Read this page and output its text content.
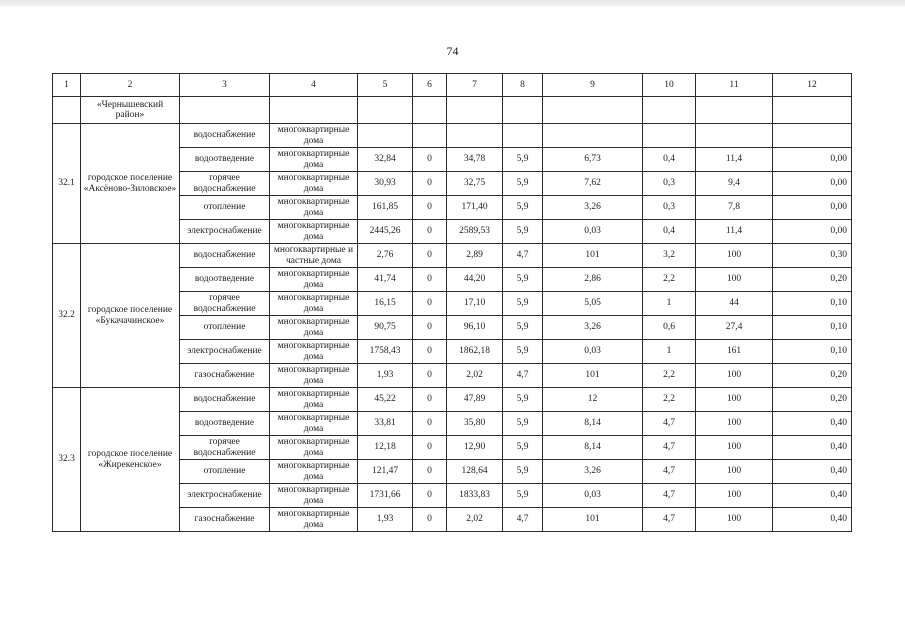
74
1	2	3	4	5	6	7	8	9	10	11	12
	«Чернышевский район»										
32.1	городское поселение «Аксёново-Зиловское»	водоснабжение	многоквартирные дома								
		водоотведение	многоквартирные дома	32,84	0	34,78	5,9	6,73	0,4	11,4	0,00
		горячее водоснабжение	многоквартирные дома	30,93	0	32,75	5,9	7,62	0,3	9,4	0,00
		отопление	многоквартирные дома	161,85	0	171,40	5,9	3,26	0,3	7,8	0,00
		электроснабжение	многоквартирные дома	2445,26	0	2589,53	5,9	0,03	0,4	11,4	0,00
32.2	городское поселение «Букачачинское»	водоснабжение	многоквартирные и частные дома	2,76	0	2,89	4,7	101	3,2	100	0,30
		водоотведение	многоквартирные дома	41,74	0	44,20	5,9	2,86	2,2	100	0,20
		горячее водоснабжение	многоквартирные дома	16,15	0	17,10	5,9	5,05	1	44	0,10
		отопление	многоквартирные дома	90,75	0	96,10	5,9	3,26	0,6	27,4	0,10
		электроснабжение	многоквартирные дома	1758,43	0	1862,18	5,9	0,03	1	161	0,10
		газоснабжение	многоквартирные дома	1,93	0	2,02	4,7	101	2,2	100	0,20
32.3	городское поселение «Жирекенское»	водоснабжение	многоквартирные дома	45,22	0	47,89	5,9	12	2,2	100	0,20
		водоотведение	многоквартирные дома	33,81	0	35,80	5,9	8,14	4,7	100	0,40
		горячее водоснабжение	многоквартирные дома	12,18	0	12,90	5,9	8,14	4,7	100	0,40
		отопление	многоквартирные дома	121,47	0	128,64	5,9	3,26	4,7	100	0,40
		электроснабжение	многоквартирные дома	1731,66	0	1833,83	5,9	0,03	4,7	100	0,40
		газоснабжение	многоквартирные дома	1,93	0	2,02	4,7	101	4,7	100	0,40
